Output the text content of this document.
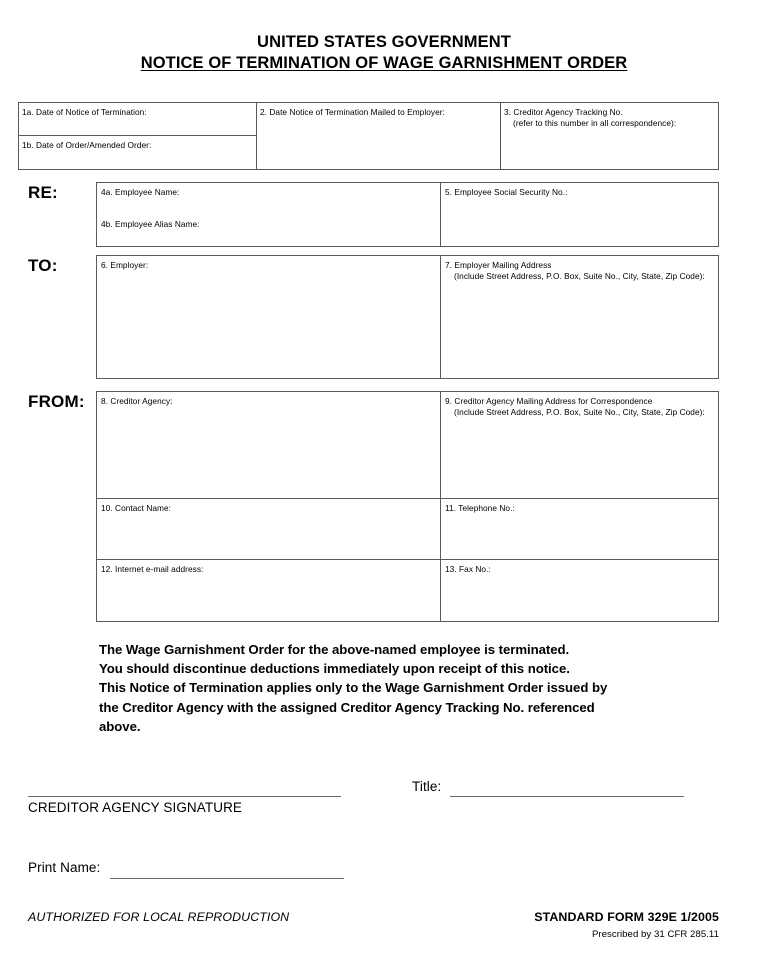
UNITED STATES GOVERNMENT
NOTICE OF TERMINATION OF WAGE GARNISHMENT ORDER
1a. Date of Notice of Termination:
1b. Date of Order/Amended Order:
2. Date Notice of Termination Mailed to Employer:	3. Creditor Agency Tracking No.
(refer to this number in all correspondence):
RE:	4a. Employee Name:
4b. Employee Alias Name:
5. Employee Social Security No.:
TO:	6. Employer:	7. Employer Mailing Address
(Include Street Address, P.O. Box, Suite No., City, State, Zip Code):
FROM: 8. Creditor Agency:	9. Creditor Agency Mailing Address for Correspondence
(Include Street Address, P.O. Box, Suite No., City, State, Zip Code):
10. Contact Name:	11. Telephone No.:
12. Internet e-mail address:	13. Fax No.:
The Wage Garnishment Order for the above-named employee is terminated.
You should discontinue deductions immediately upon receipt of this notice.
This Notice of Termination applies only to the Wage Garnishment Order issued by
the Creditor Agency with the assigned Creditor Agency Tracking No. referenced
above.
CREDITOR AGENCY SIGNATURE
Title:
Print Name:
AUTHORIZED FOR LOCAL REPRODUCTION	STANDARD FORM 329E 1/2005
Prescribed by 31 CFR 285.11
